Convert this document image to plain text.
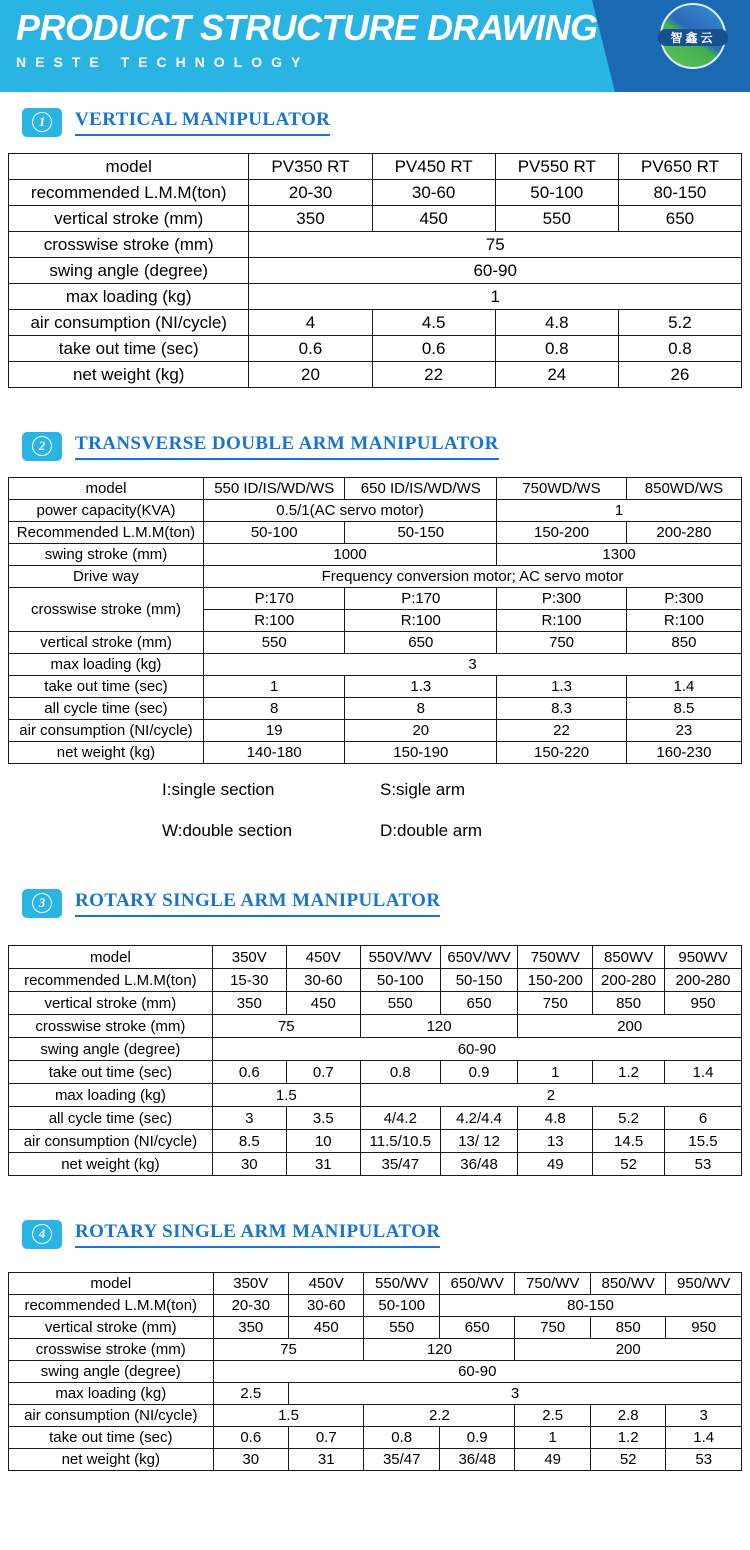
PRODUCT STRUCTURE DRAWING
NESTE TECHNOLOGY
智鑫云
1	VERTICAL MANIPULATOR
model	PV350 RT	PV450 RT	PV550 RT	PV650 RT
recommended L.M.M(ton)	20-30	30-60	50-100	80-150
vertical stroke (mm)	350	450	550	650
crosswise stroke (mm)	75			
swing angle (degree)	60-90			
max loading (kg)	1			
air consumption (NI/cycle)	4	4.5	4.8	5.2
take out time (sec)	0.6	0.6	0.8	0.8
net weight (kg)	20	22	24	26
2	TRANSVERSE DOUBLE ARM MANIPULATOR
model	550 ID/IS/WD/WS	650 ID/IS/WD/WS	750WD/WS	850WD/WS
power capacity(KVA)	0.5/1(AC servo motor)		1	
Recommended L.M.M(ton)	50-100	50-150	150-200	200-280
swing stroke (mm)	1000		1300	
Drive way	Frequency conversion motor; AC servo motor			
crosswise stroke (mm)	P:170	P:170	P:300	P:300
	R:100	R:100	R:100	R:100
vertical stroke (mm)	550	650	750	850
max loading (kg)	3			
take out time (sec)	1	1.3	1.3	1.4
all cycle time (sec)	8	8	8.3	8.5
air consumption (NI/cycle)	19	20	22	23
net weight (kg)	140-180	150-190	150-220	160-230
I:single section	S:sigle arm
W:double section	D:double arm
3	ROTARY SINGLE ARM MANIPULATOR
model	350V	450V	550V/WV	650V/WV	750WV	850WV	950WV
recommended L.M.M(ton)	15-30	30-60	50-100	50-150	150-200	200-280	200-280
vertical stroke (mm)	350	450	550	650	750	850	950
crosswise stroke (mm)	75		120		200		
swing angle (degree)	60-90						
take out time (sec)	0.6	0.7	0.8	0.9	1	1.2	1.4
max loading (kg)	1.5		2				
all cycle time (sec)	3	3.5	4/4.2	4.2/4.4	4.8	5.2	6
air consumption (NI/cycle)	8.5	10	11.5/10.5	13/ 12	13	14.5	15.5
net weight (kg)	30	31	35/47	36/48	49	52	53
4	ROTARY SINGLE ARM MANIPULATOR
model	350V	450V	550/WV	650/WV	750/WV	850/WV	950/WV
recommended L.M.M(ton)	20-30	30-60	50-100	80-150			
vertical stroke (mm)	350	450	550	650	750	850	950
crosswise stroke (mm)	75		120		200		
swing angle (degree)	60-90						
max loading (kg)	2.5	3					
air consumption (NI/cycle)	1.5		2.2		2.5	2.8	3
take out time (sec)	0.6	0.7	0.8	0.9	1	1.2	1.4
net weight (kg)	30	31	35/47	36/48	49	52	53
